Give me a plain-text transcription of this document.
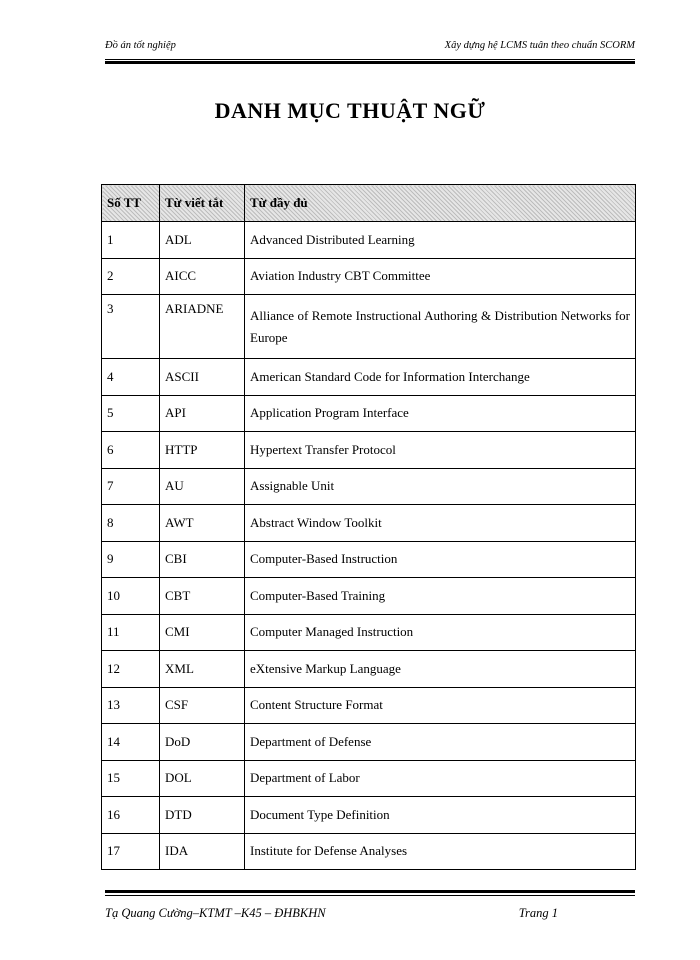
Đồ án tốt nghiệp	Xây dựng hệ LCMS tuân theo chuẩn SCORM
DANH MỤC THUẬT NGỮ
Số TT	Từ viết tắt	Từ đầy đủ
1	ADL	Advanced Distributed Learning
2	AICC	Aviation Industry CBT Committee
3	ARIADNE	Alliance of Remote Instructional Authoring & Distribution Networks for Europe
4	ASCII	American Standard Code for Information Interchange
5	API	Application Program Interface
6	HTTP	Hypertext Transfer Protocol
7	AU	Assignable Unit
8	AWT	Abstract Window Toolkit
9	CBI	Computer-Based Instruction
10	CBT	Computer-Based Training
11	CMI	Computer Managed Instruction
12	XML	eXtensive Markup Language
13	CSF	Content Structure Format
14	DoD	Department of Defense
15	DOL	Department of Labor
16	DTD	Document Type Definition
17	IDA	Institute for Defense Analyses
Tạ Quang Cường–KTMT –K45 – ĐHBKHN	Trang 1
